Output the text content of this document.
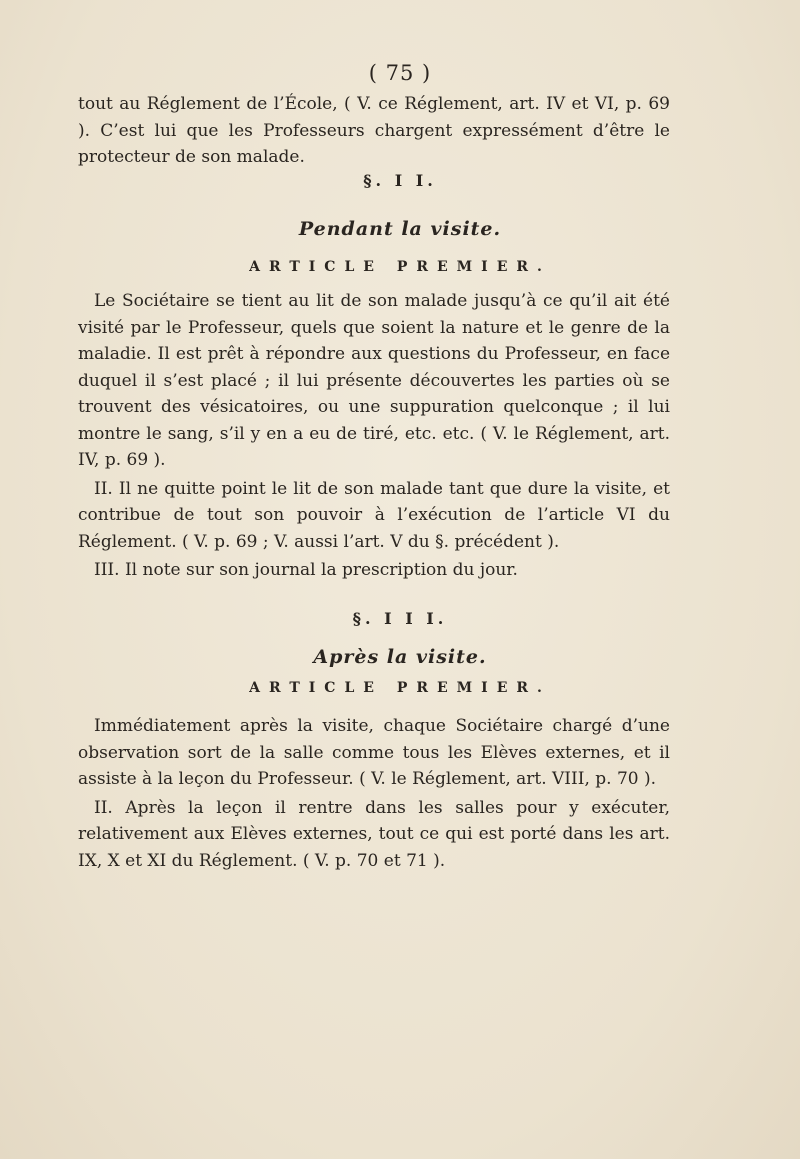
( 75 )

tout au Réglement de l’École, ( V. ce Réglement, art. IV et VI, p. 69 ). C’est lui que les Professeurs chargent expressément d’être le protecteur de son malade.

§. I I.
Pendant la visite.
ARTICLE PREMIER.

Le Sociétaire se tient au lit de son malade jusqu’à ce qu’il ait été visité par le Professeur, quels que soient la nature et le genre de la maladie. Il est prêt à répondre aux questions du Professeur, en face duquel il s’est placé ; il lui présente découvertes les parties où se trouvent des vésicatoires, ou une suppuration quelconque ; il lui montre le sang, s’il y en a eu de tiré, etc. etc. ( V. le Réglement, art. IV, p. 69 ).

II. Il ne quitte point le lit de son malade tant que dure la visite, et contribue de tout son pouvoir à l’exécution de l’article VI du Réglement. ( V. p. 69 ; V. aussi l’art. V du §. précédent ).

III. Il note sur son journal la prescription du jour.

§. I I I.
Après la visite.
ARTICLE PREMIER.

Immédiatement après la visite, chaque Sociétaire chargé d’une observation sort de la salle comme tous les Elèves externes, et il assiste à la leçon du Professeur. ( V. le Réglement, art. VIII, p. 70 ).

II. Après la leçon il rentre dans les salles pour y exécuter, relativement aux Elèves externes, tout ce qui est porté dans les art. IX, X et XI du Réglement. ( V. p. 70 et 71 ).
